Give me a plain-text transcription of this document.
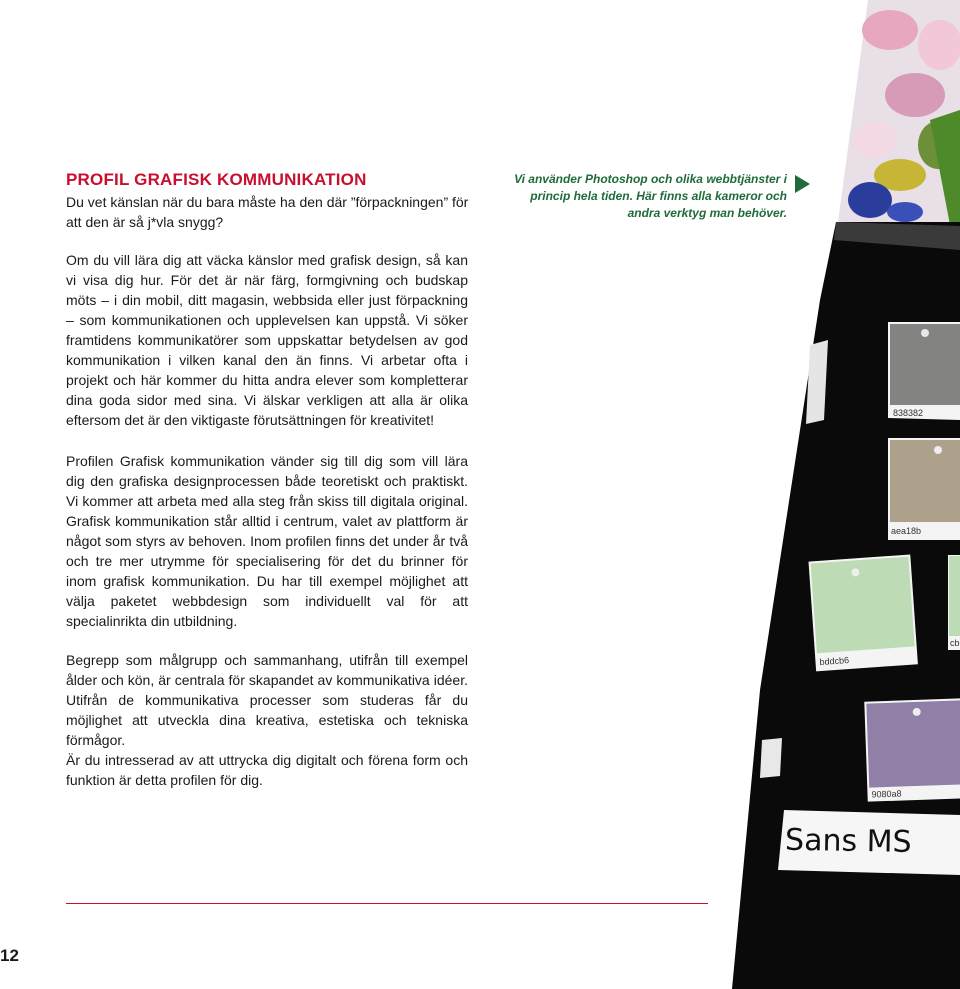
838382
aea18b
bddcb6
cb
9080a8
Sans MS
PROFIL GRAFISK KOMMUNIKATION

Du vet känslan när du bara måste ha den där ”förpackningen” för att den är så j*vla snygg?

Vi använder Photoshop och olika webbtjänster i princip hela tiden. Här finns alla kameror och andra verktyg man behöver.

Om du vill lära dig att väcka känslor med grafisk design, så kan vi visa dig hur. För det är när färg, formgivning och budskap möts – i din mobil, ditt magasin, webbsida eller just förpackning – som kommunikationen och upplevelsen kan uppstå. Vi söker framtidens kommunikatörer som uppskattar betydelsen av god kommunikation i vilken kanal den än finns. Vi arbetar ofta i projekt och här kommer du hitta andra elever som kompletterar dina goda sidor med sina. Vi älskar verkligen att alla är olika eftersom det är den viktigaste förutsättningen för kreativitet!

Profilen Grafisk kommunikation vänder sig till dig som vill lära dig den grafiska designprocessen både teoretiskt och praktiskt. Vi kommer att arbeta med alla steg från skiss till digitala original. Grafisk kommunikation står alltid i centrum, valet av plattform är något som styrs av behoven. Inom profilen finns det under år två och tre mer utrymme för specialisering för det du brinner för inom grafisk kommunikation. Du har till exempel möjlighet att välja paketet webbdesign som individuellt val för att specialinrikta din utbildning.

Begrepp som målgrupp och sammanhang, utifrån till exempel ålder och kön, är centrala för skapandet av kommunikativa idéer. Utifrån de kommunikativa processer som studeras får du möjlighet att utveckla dina kreativa, estetiska och tekniska förmågor.

Är du intresserad av att uttrycka dig digitalt och förena form och funktion är detta profilen för dig.

12
